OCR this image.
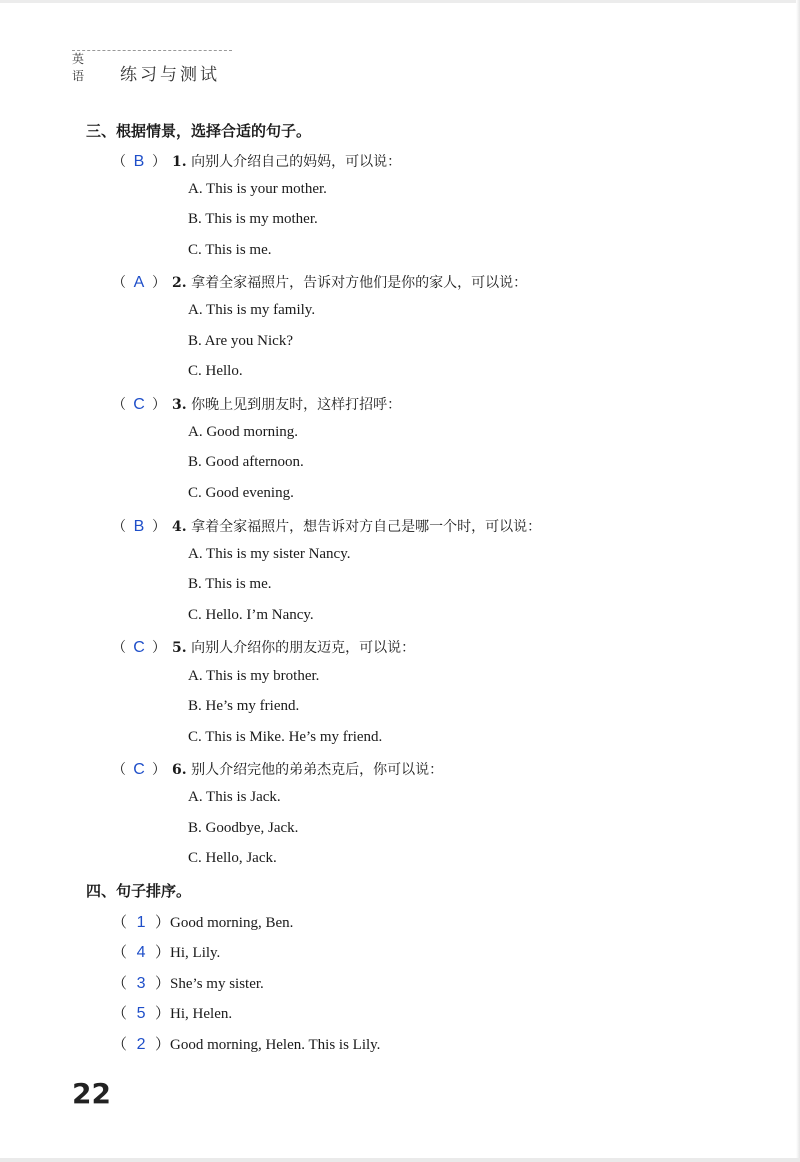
英语 练习与测试
三、根据情景，选择合适的句子。
（ B ） 1. 向别人介绍自己的妈妈，可以说：
A. This is your mother.
B. This is my mother.
C. This is me.
（ A ） 2. 拿着全家福照片，告诉对方他们是你的家人，可以说：
A. This is my family.
B. Are you Nick?
C. Hello.
（ C ） 3. 你晚上见到朋友时，这样打招呼：
A. Good morning.
B. Good afternoon.
C. Good evening.
（ B ） 4. 拿着全家福照片，想告诉对方自己是哪一个时，可以说：
A. This is my sister Nancy.
B. This is me.
C. Hello. I’m Nancy.
（ C ） 5. 向别人介绍你的朋友迈克，可以说：
A. This is my brother.
B. He’s my friend.
C. This is Mike. He’s my friend.
（ C ） 6. 别人介绍完他的弟弟杰克后，你可以说：
A. This is Jack.
B. Goodbye, Jack.
C. Hello, Jack.
四、句子排序。
（ 1 ）Good morning, Ben.
（ 4 ）Hi, Lily.
（ 3 ）She’s my sister.
（ 5 ）Hi, Helen.
（ 2 ）Good morning, Helen. This is Lily.
22
